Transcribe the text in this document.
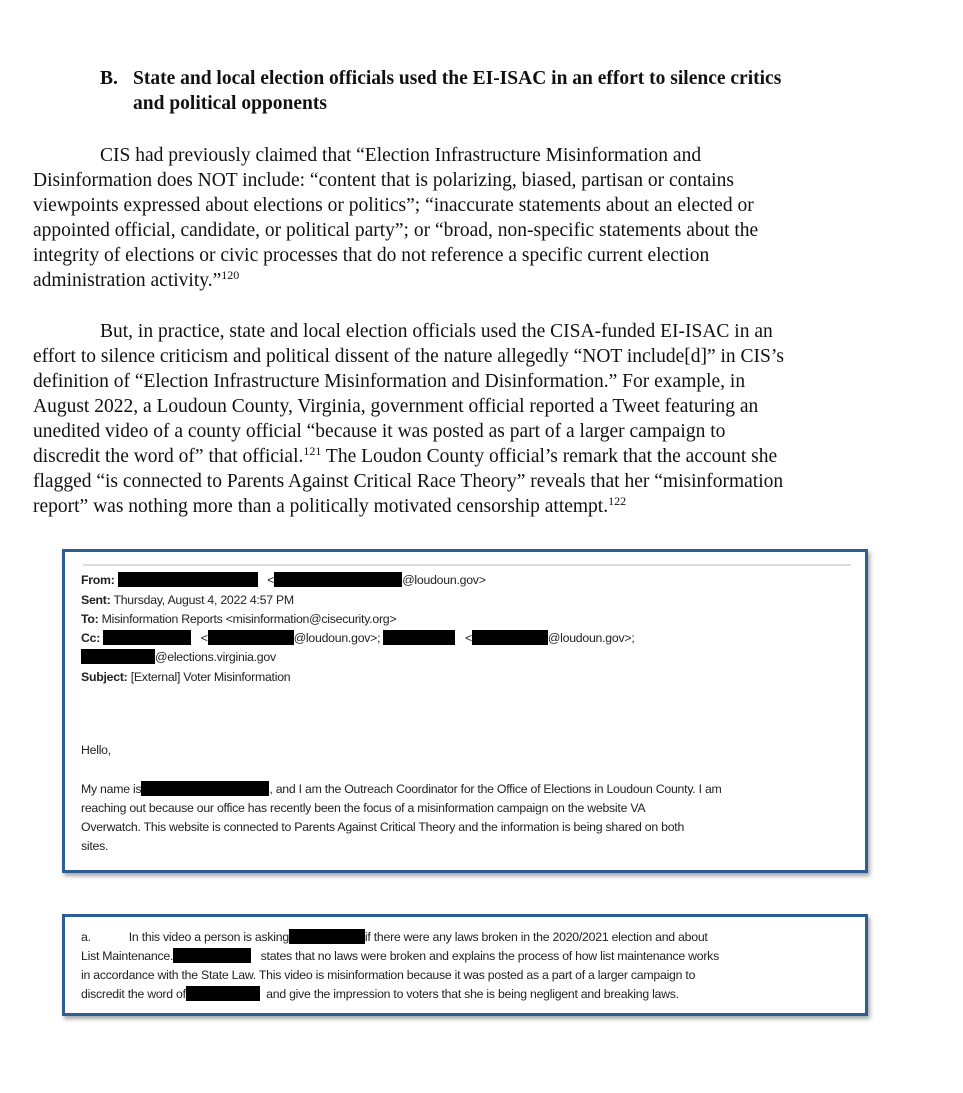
B. State and local election officials used the EI-ISAC in an effort to silence critics
and political opponents
CIS had previously claimed that “Election Infrastructure Misinformation and
Disinformation does NOT include: “content that is polarizing, biased, partisan or contains
viewpoints expressed about elections or politics”; “inaccurate statements about an elected or
appointed official, candidate, or political party”; or “broad, non-specific statements about the
integrity of elections or civic processes that do not reference a specific current election
administration activity.”$^{120}$
But, in practice, state and local election officials used the CISA-funded EI-ISAC in an
effort to silence criticism and political dissent of the nature allegedly “NOT include[d]” in CIS’s
definition of “Election Infrastructure Misinformation and Disinformation.” For example, in
August 2022, a Loudoun County, Virginia, government official reported a Tweet featuring an
unedited video of a county official “because it was posted as part of a larger campaign to
discredit the word of” that official.$^{121}$ The Loudon County official’s remark that the account she
flagged “is connected to Parents Against Critical Race Theory” reveals that her “misinformation
report” was nothing more than a politically motivated censorship attempt.$^{122}$
From:	<	@loudoun.gov>
Sent: Thursday, August 4, 2022 4:57 PM
To: Misinformation Reports <misinformation@cisecurity.org>
Cc:	<	@loudoun.gov>;	<	@loudoun.gov>;
@elections.virginia.gov
Subject: [External] Voter Misinformation
Hello,
My name is	, and I am the Outreach Coordinator for the Office of Elections in Loudoun County. I am
reaching out because our office has recently been the focus of a misinformation campaign on the website VA
Overwatch. This website is connected to Parents Against Critical Theory and the information is being shared on both
sites.
a.	In this video a person is asking	if there were any laws broken in the 2020/2021 election and about
List Maintenance.	states that no laws were broken and explains the process of how list maintenance works
in accordance with the State Law. This video is misinformation because it was posted as a part of a larger campaign to
discredit the word of	and give the impression to voters that she is being negligent and breaking laws.
